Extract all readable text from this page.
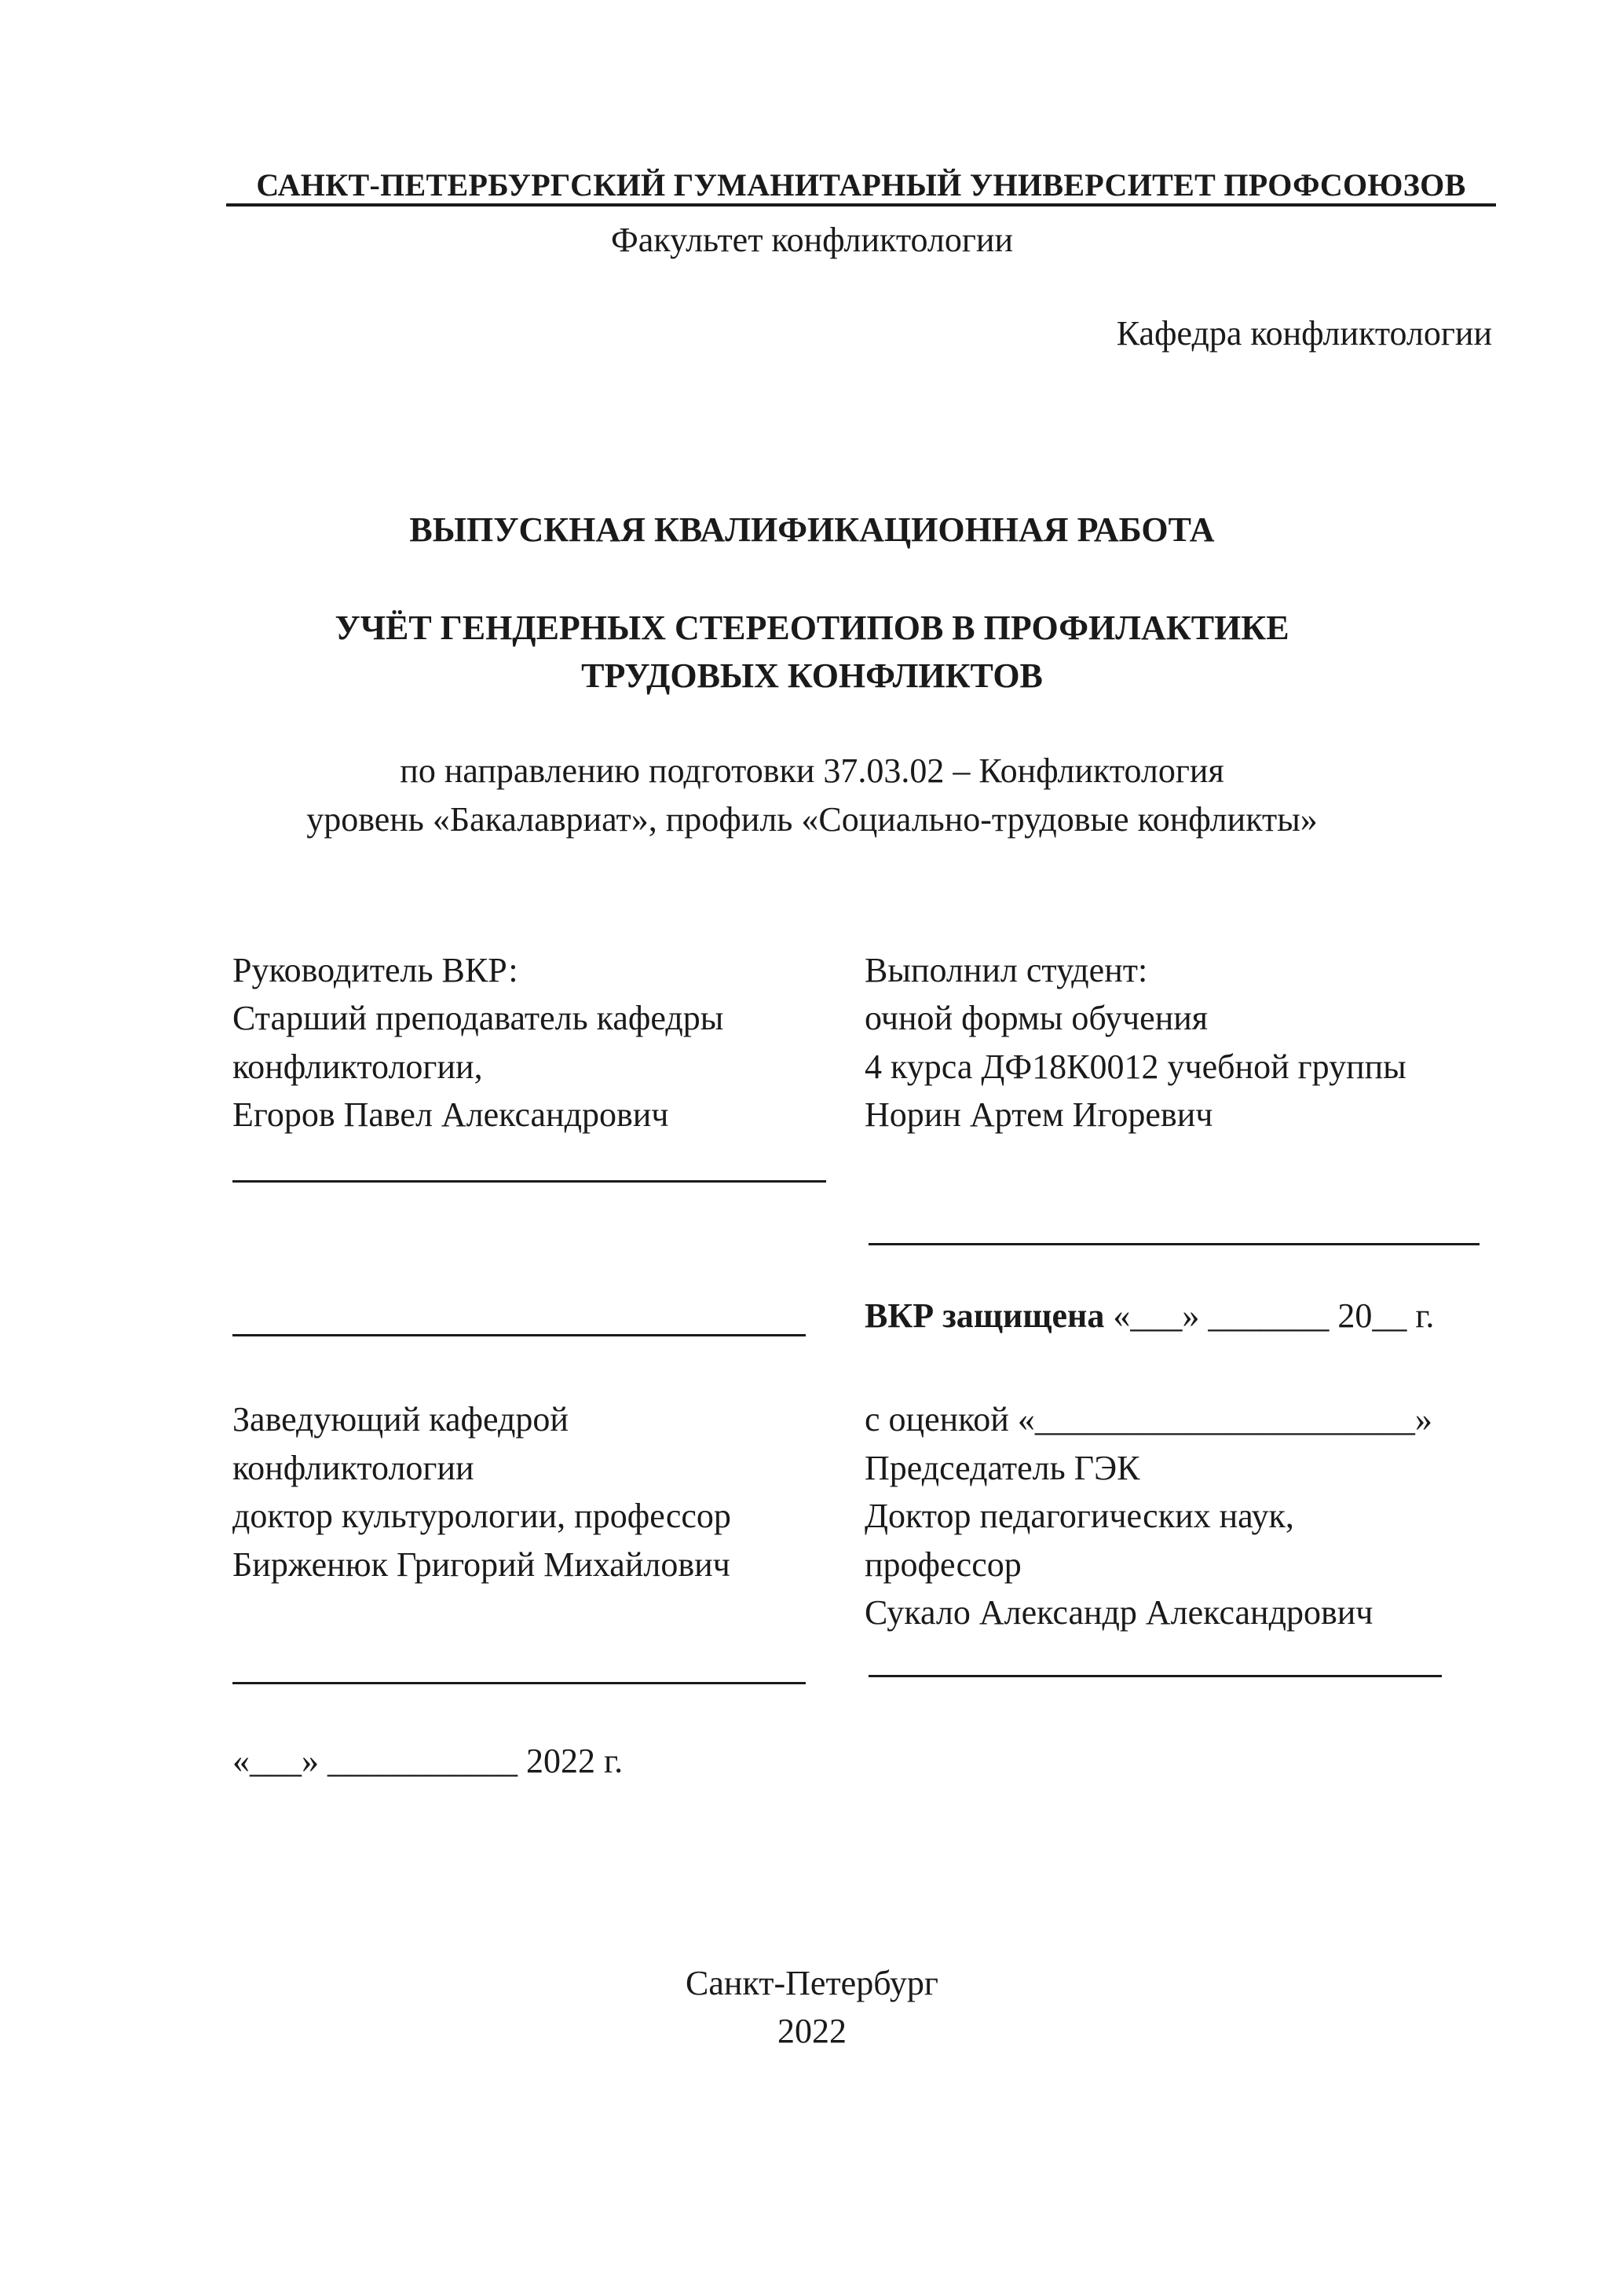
САНКТ-ПЕТЕРБУРГСКИЙ ГУМАНИТАРНЫЙ УНИВЕРСИТЕТ ПРОФСОЮЗОВ
Факультет конфликтологии
Кафедра конфликтологии
ВЫПУСКНАЯ КВАЛИФИКАЦИОННАЯ РАБОТА
УЧЁТ ГЕНДЕРНЫХ СТЕРЕОТИПОВ В ПРОФИЛАКТИКЕ
ТРУДОВЫХ КОНФЛИКТОВ
по направлению подготовки 37.03.02 – Конфликтология
уровень «Бакалавриат», профиль «Социально-трудовые конфликты»
Руководитель ВКР:
Старший преподаватель кафедры
конфликтологии,
Егоров Павел Александрович
Выполнил студент:
очной формы обучения
4 курса ДФ18К0012 учебной группы
Норин Артем Игоревич
ВКР защищена «___» _______ 20__ г.
Заведующий кафедрой
конфликтологии
доктор культурологии, профессор
Бирженюк Григорий Михайлович
с оценкой «______________________»
Председатель ГЭК
Доктор педагогических наук,
профессор
Сукало Александр Александрович
«___» ___________ 2022 г.
Санкт-Петербург
2022
